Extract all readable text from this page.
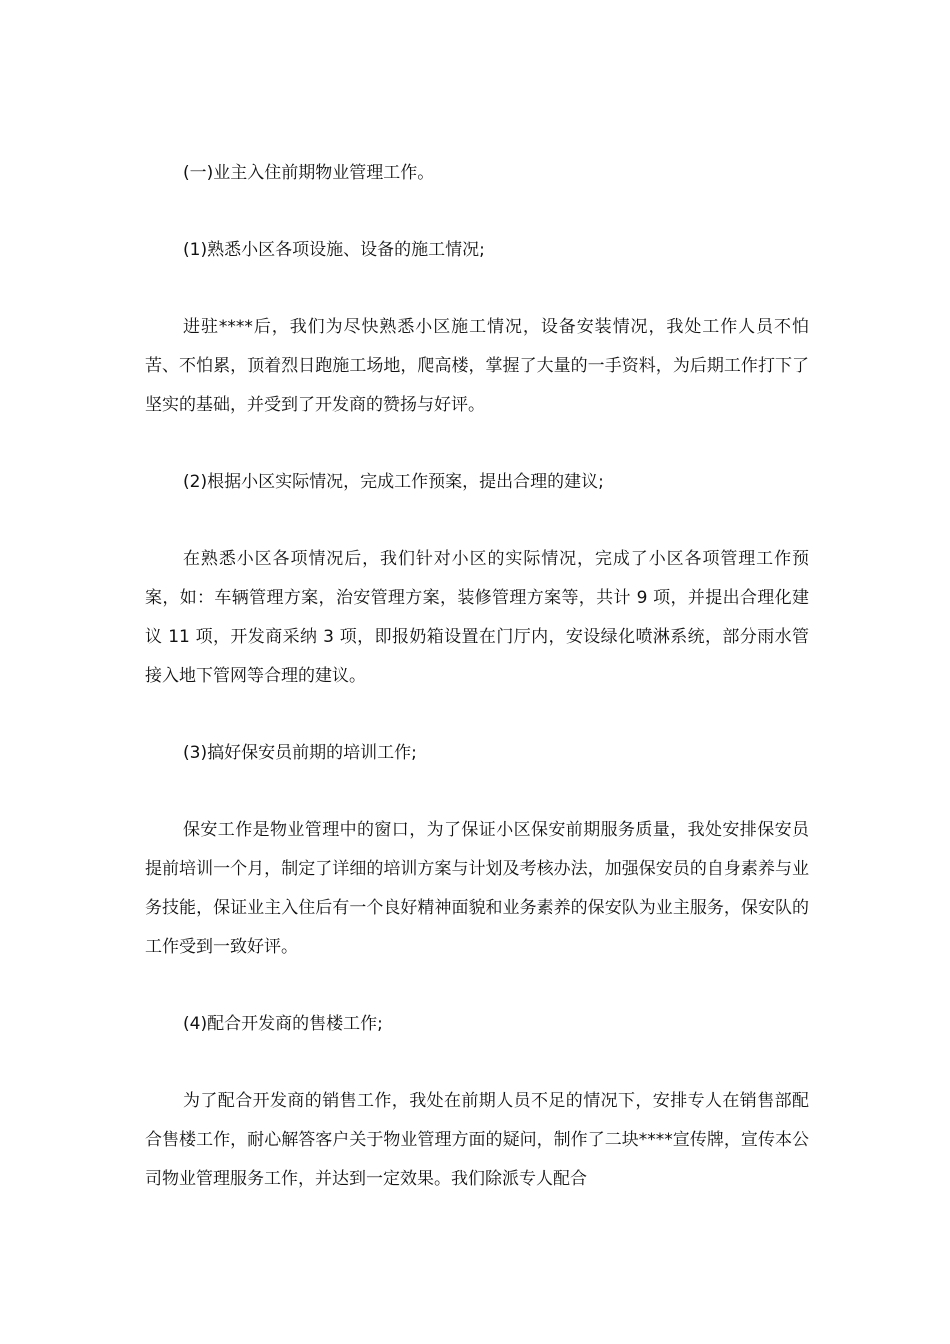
(一)业主入住前期物业管理工作。

(1)熟悉小区各项设施、设备的施工情况;

进驻****后，我们为尽快熟悉小区施工情况，设备安装情况，我处工作人员不怕苦、不怕累，顶着烈日跑施工场地，爬高楼，掌握了大量的一手资料，为后期工作打下了坚实的基础，并受到了开发商的赞扬与好评。

(2)根据小区实际情况，完成工作预案，提出合理的建议;

在熟悉小区各项情况后，我们针对小区的实际情况，完成了小区各项管理工作预案，如：车辆管理方案，治安管理方案，装修管理方案等，共计 9 项，并提出合理化建议 11 项，开发商采纳 3 项，即报奶箱设置在门厅内，安设绿化喷淋系统，部分雨水管接入地下管网等合理的建议。

(3)搞好保安员前期的培训工作;

保安工作是物业管理中的窗口，为了保证小区保安前期服务质量，我处安排保安员提前培训一个月，制定了详细的培训方案与计划及考核办法，加强保安员的自身素养与业务技能，保证业主入住后有一个良好精神面貌和业务素养的保安队为业主服务，保安队的工作受到一致好评。

(4)配合开发商的售楼工作;

为了配合开发商的销售工作，我处在前期人员不足的情况下，安排专人在销售部配合售楼工作，耐心解答客户关于物业管理方面的疑问，制作了二块****宣传牌，宣传本公司物业管理服务工作，并达到一定效果。我们除派专人配合
